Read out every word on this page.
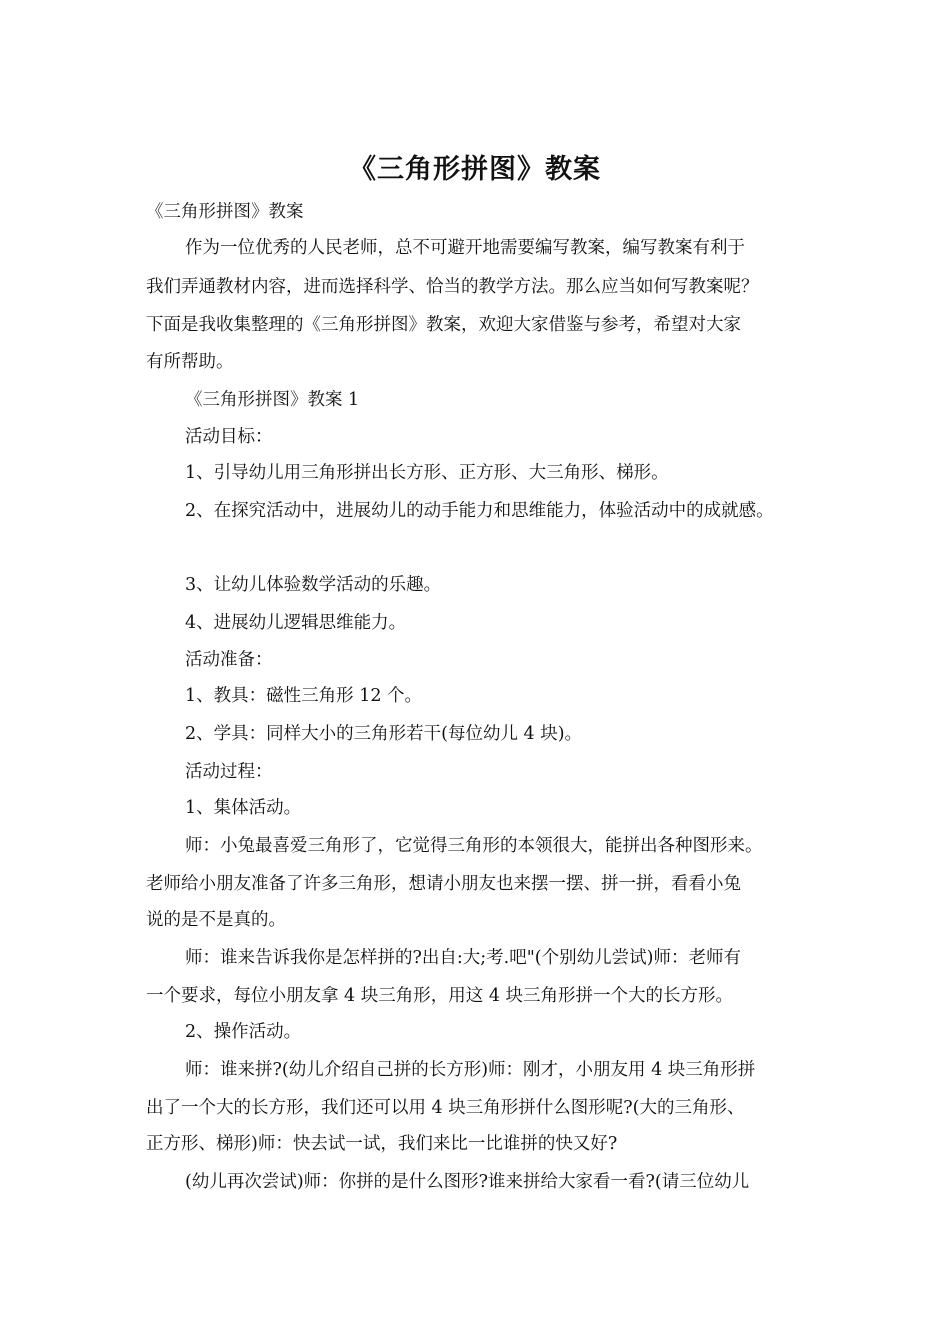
《三角形拼图》教案
《三角形拼图》教案
作为一位优秀的人民老师，总不可避开地需要编写教案，编写教案有利于
我们弄通教材内容，进而选择科学、恰当的教学方法。那么应当如何写教案呢？
下面是我收集整理的《三角形拼图》教案，欢迎大家借鉴与参考，希望对大家
有所帮助。
《三角形拼图》教案 1
活动目标：
1、引导幼儿用三角形拼出长方形、正方形、大三角形、梯形。
2、在探究活动中，进展幼儿的动手能力和思维能力，体验活动中的成就感。
3、让幼儿体验数学活动的乐趣。
4、进展幼儿逻辑思维能力。
活动准备：
1、教具：磁性三角形 12 个。
2、学具：同样大小的三角形若干(每位幼儿 4 块)。
活动过程：
1、集体活动。
师：小兔最喜爱三角形了，它觉得三角形的本领很大，能拼出各种图形来。
老师给小朋友准备了许多三角形，想请小朋友也来摆一摆、拼一拼，看看小兔
说的是不是真的。
师：谁来告诉我你是怎样拼的?出自:大;考.吧"(个别幼儿尝试)师：老师有
一个要求，每位小朋友拿 4 块三角形，用这 4 块三角形拼一个大的长方形。
2、操作活动。
师：谁来拼?(幼儿介绍自己拼的长方形)师：刚才，小朋友用 4 块三角形拼
出了一个大的长方形，我们还可以用 4 块三角形拼什么图形呢?(大的三角形、
正方形、梯形)师：快去试一试，我们来比一比谁拼的快又好?
(幼儿再次尝试)师：你拼的是什么图形?谁来拼给大家看一看?(请三位幼儿
